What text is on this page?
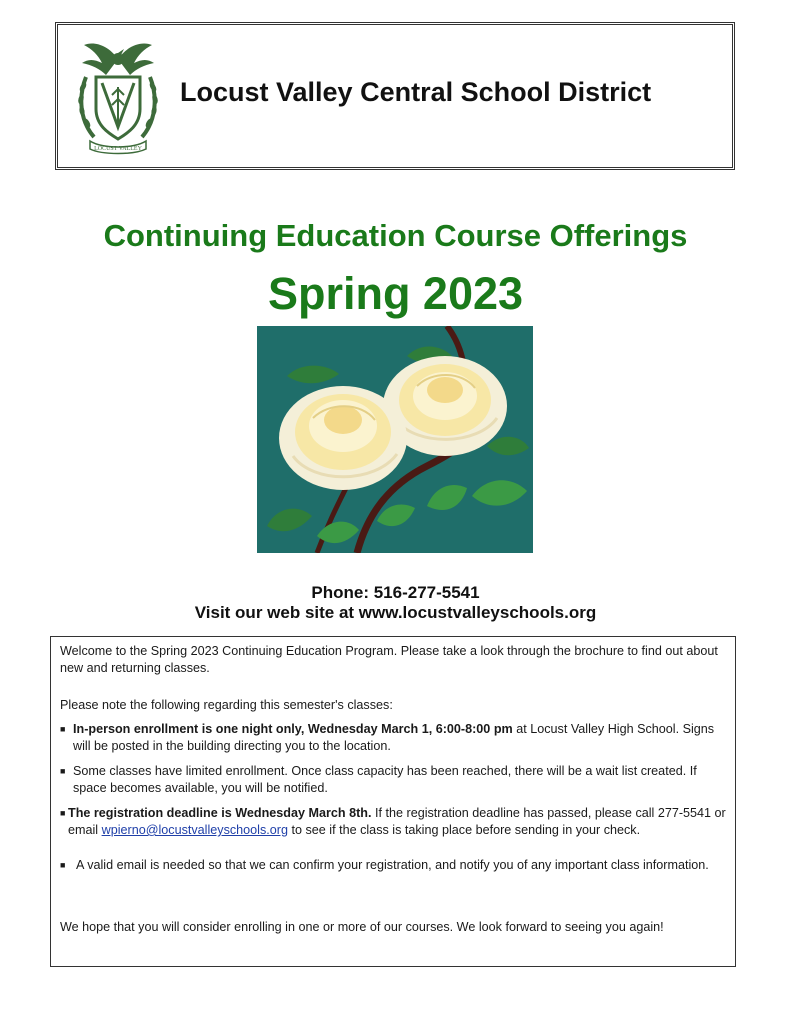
LOCUST VALLEY
Locust Valley Central School District
Continuing Education Course Offerings
Spring 2023
Phone: 516-277-5541
Visit our web site at www.locustvalleyschools.org

Welcome to the Spring 2023 Continuing Education Program. Please take a look through the brochure to find out about new and returning classes.

Please note the following regarding this semester's classes:

■ In-person enrollment is one night only, Wednesday March 1, 6:00-8:00 pm at Locust Valley High School. Signs will be posted in the building directing you to the location.
■ Some classes have limited enrollment. Once class capacity has been reached, there will be a wait list created. If space becomes available, you will be notified.
■ The registration deadline is Wednesday March 8th. If the registration deadline has passed, please call 277-5541 or email wpierno@locustvalleyschools.org to see if the class is taking place before sending in your check.
■ A valid email is needed so that we can confirm your registration, and notify you of any important class information.

We hope that you will consider enrolling in one or more of our courses. We look forward to seeing you again!
